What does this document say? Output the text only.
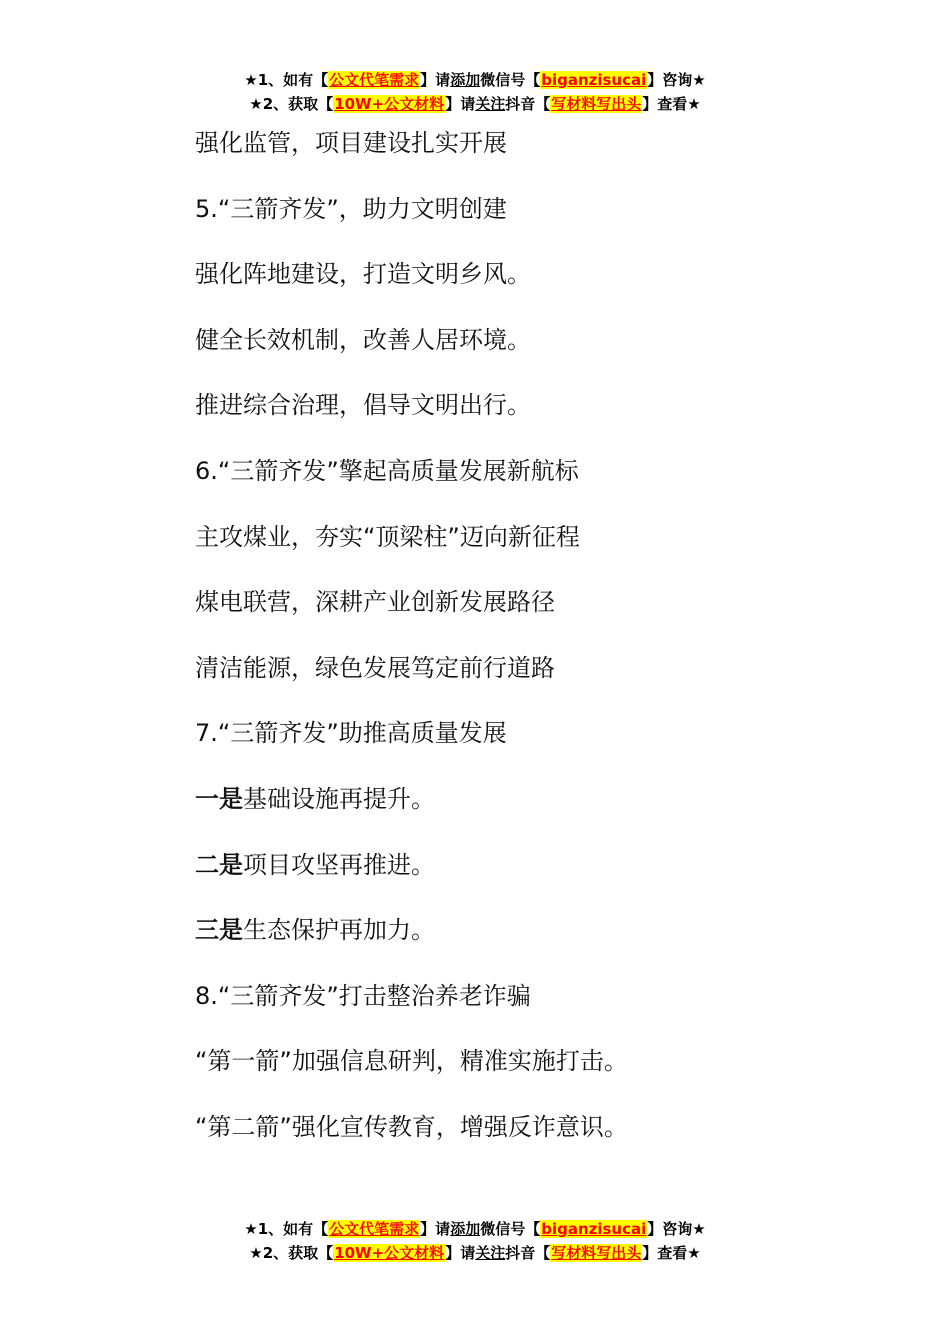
★1、如有【公文代笔需求】请添加微信号【biganzisucai】咨询★
★2、获取【10W+公文材料】请关注抖音【写材料写出头】查看★

强化监管，项目建设扎实开展

5.“三箭齐发”，助力文明创建

强化阵地建设，打造文明乡风。

健全长效机制，改善人居环境。

推进综合治理，倡导文明出行。

6.“三箭齐发”擎起高质量发展新航标

主攻煤业，夯实“顶梁柱”迈向新征程

煤电联营，深耕产业创新发展路径

清洁能源，绿色发展笃定前行道路

7.“三箭齐发”助推高质量发展

一是基础设施再提升。

二是项目攻坚再推进。

三是生态保护再加力。

8.“三箭齐发”打击整治养老诈骗

“第一箭”加强信息研判，精准实施打击。

“第二箭”强化宣传教育，增强反诈意识。

★1、如有【公文代笔需求】请添加微信号【biganzisucai】咨询★
★2、获取【10W+公文材料】请关注抖音【写材料写出头】查看★
